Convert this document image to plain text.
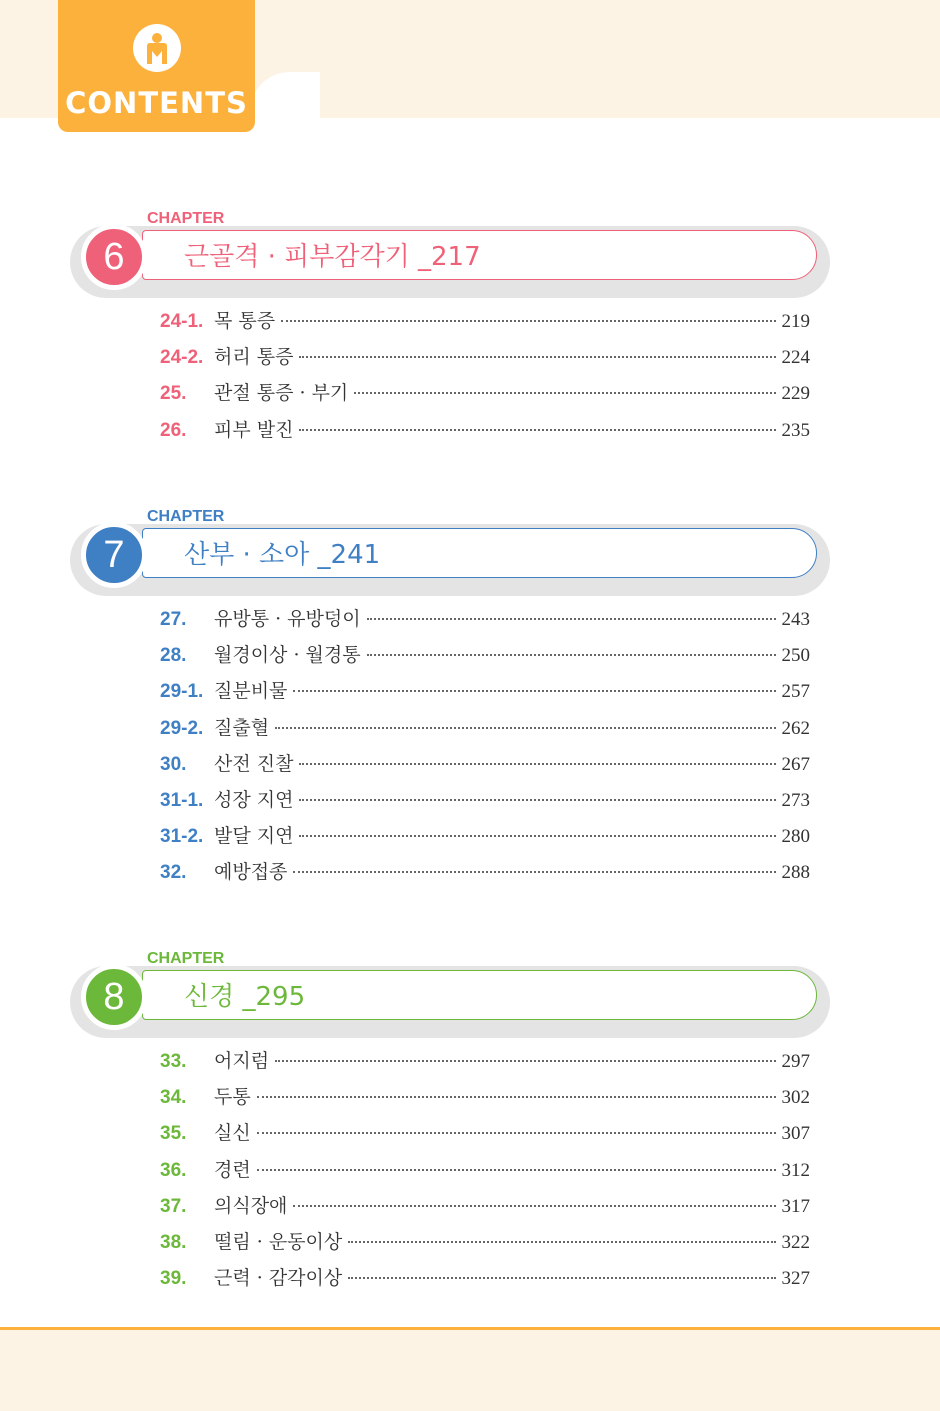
CONTENTS
CHAPTER
6	근골격 · 피부감각기 _217
24-1. 목 통증	219
24-2. 허리 통증	224
25.	관절 통증 · 부기	229
26.	피부 발진	235
CHAPTER
7	산부 · 소아 _241
27.	유방통 · 유방덩이	243
28.	월경이상 · 월경통	250
29-1. 질분비물	257
29-2. 질출혈	262
30.	산전 진찰	267
31-1. 성장 지연	273
31-2. 발달 지연	280
32.	예방접종	288
CHAPTER
8	신경 _295
33.	어지럼	297
34.	두통	302
35.	실신	307
36.	경련	312
37.	의식장애	317
38.	떨림 · 운동이상	322
39.	근력 · 감각이상	327
